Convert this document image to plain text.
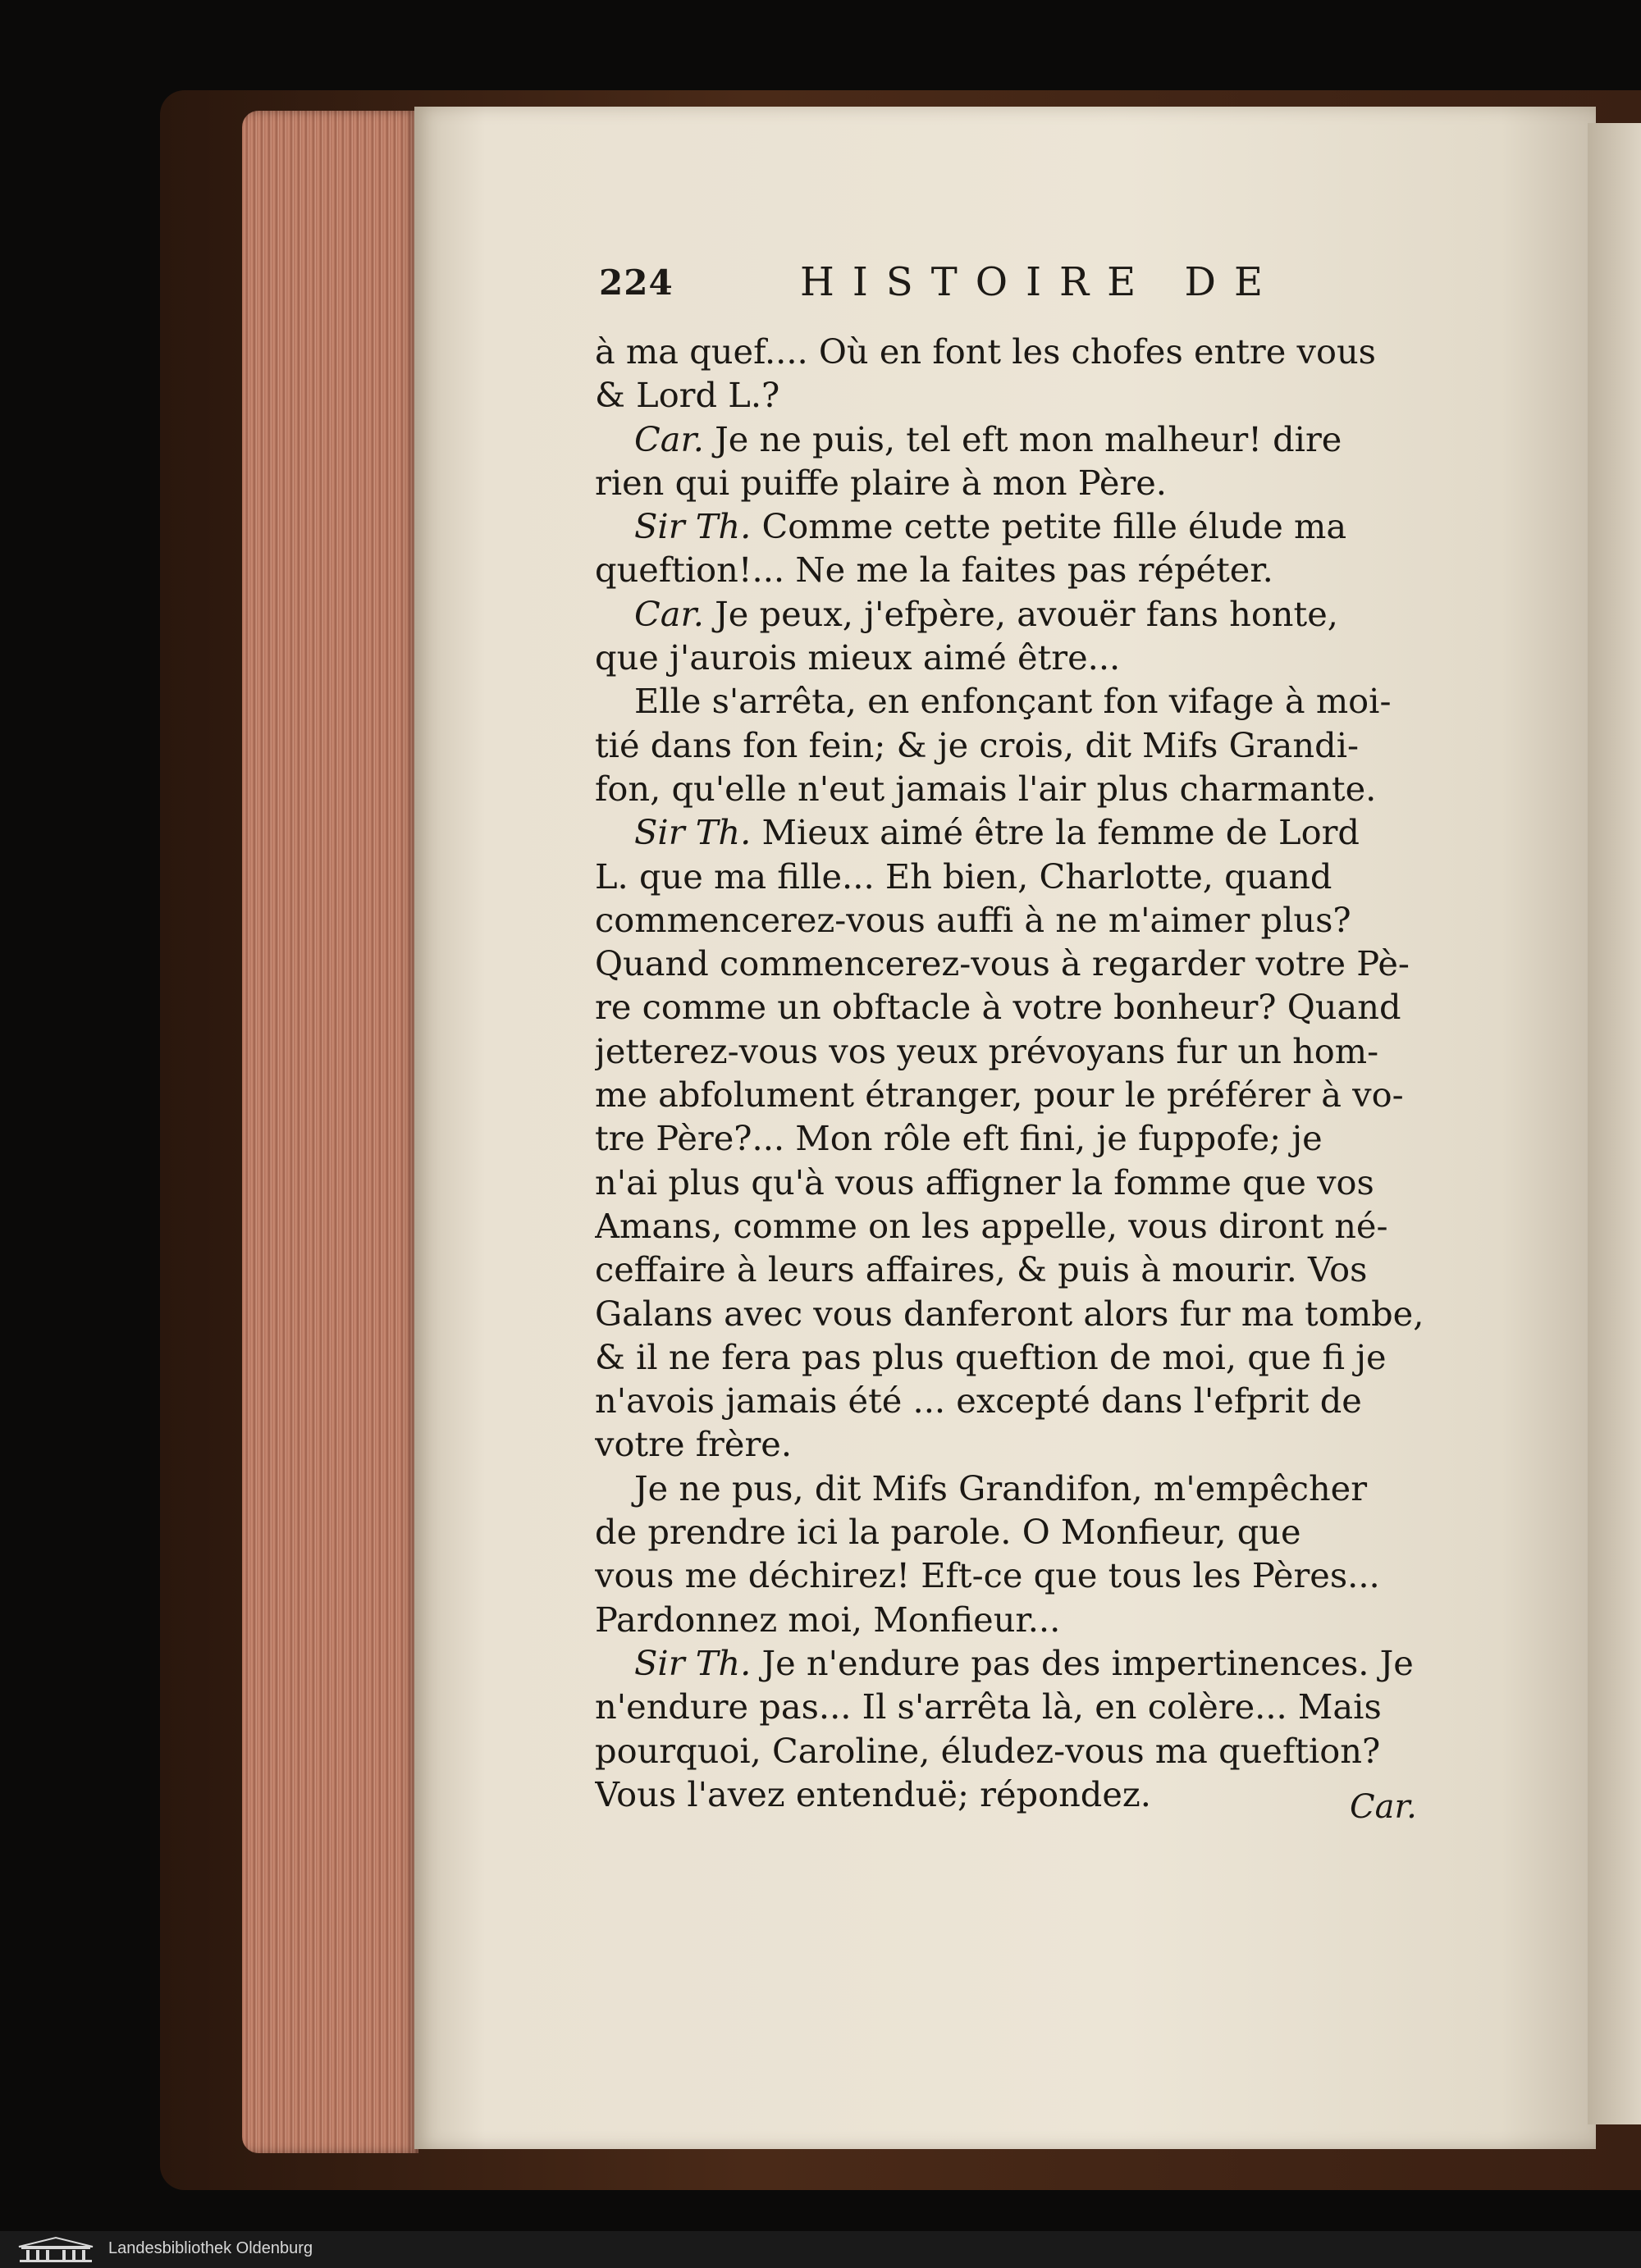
224	HISTOIRE DE
à ma quef.... Où en font les chofes entre vous
& Lord L.?
Car. Je ne puis, tel eft mon malheur! dire
rien qui puiffe plaire à mon Père.
Sir Th. Comme cette petite fille élude ma
queftion!... Ne me la faites pas répéter.
Car. Je peux, j'efpère, avouër fans honte,
que j'aurois mieux aimé être...
Elle s'arrêta, en enfonçant fon vifage à moi-
tié dans fon fein; & je crois, dit Mifs Grandi-
fon, qu'elle n'eut jamais l'air plus charmante.
Sir Th. Mieux aimé être la femme de Lord
L. que ma fille... Eh bien, Charlotte, quand
commencerez-vous auffi à ne m'aimer plus?
Quand commencerez-vous à regarder votre Pè-
re comme un obftacle à votre bonheur? Quand
jetterez-vous vos yeux prévoyans fur un hom-
me abfolument étranger, pour le préférer à vo-
tre Père?... Mon rôle eft fini, je fuppofe; je
n'ai plus qu'à vous affigner la fomme que vos
Amans, comme on les appelle, vous diront né-
ceffaire à leurs affaires, & puis à mourir. Vos
Galans avec vous danferont alors fur ma tombe,
& il ne fera pas plus queftion de moi, que fi je
n'avois jamais été ... excepté dans l'efprit de
votre frère.
Je ne pus, dit Mifs Grandifon, m'empêcher
de prendre ici la parole. O Monfieur, que
vous me déchirez! Eft-ce que tous les Pères...
Pardonnez moi, Monfieur...
Sir Th. Je n'endure pas des impertinences. Je
n'endure pas... Il s'arrêta là, en colère... Mais
pourquoi, Caroline, éludez-vous ma queftion?
Vous l'avez entenduë; répondez.	Car.
Landesbibliothek Oldenburg
